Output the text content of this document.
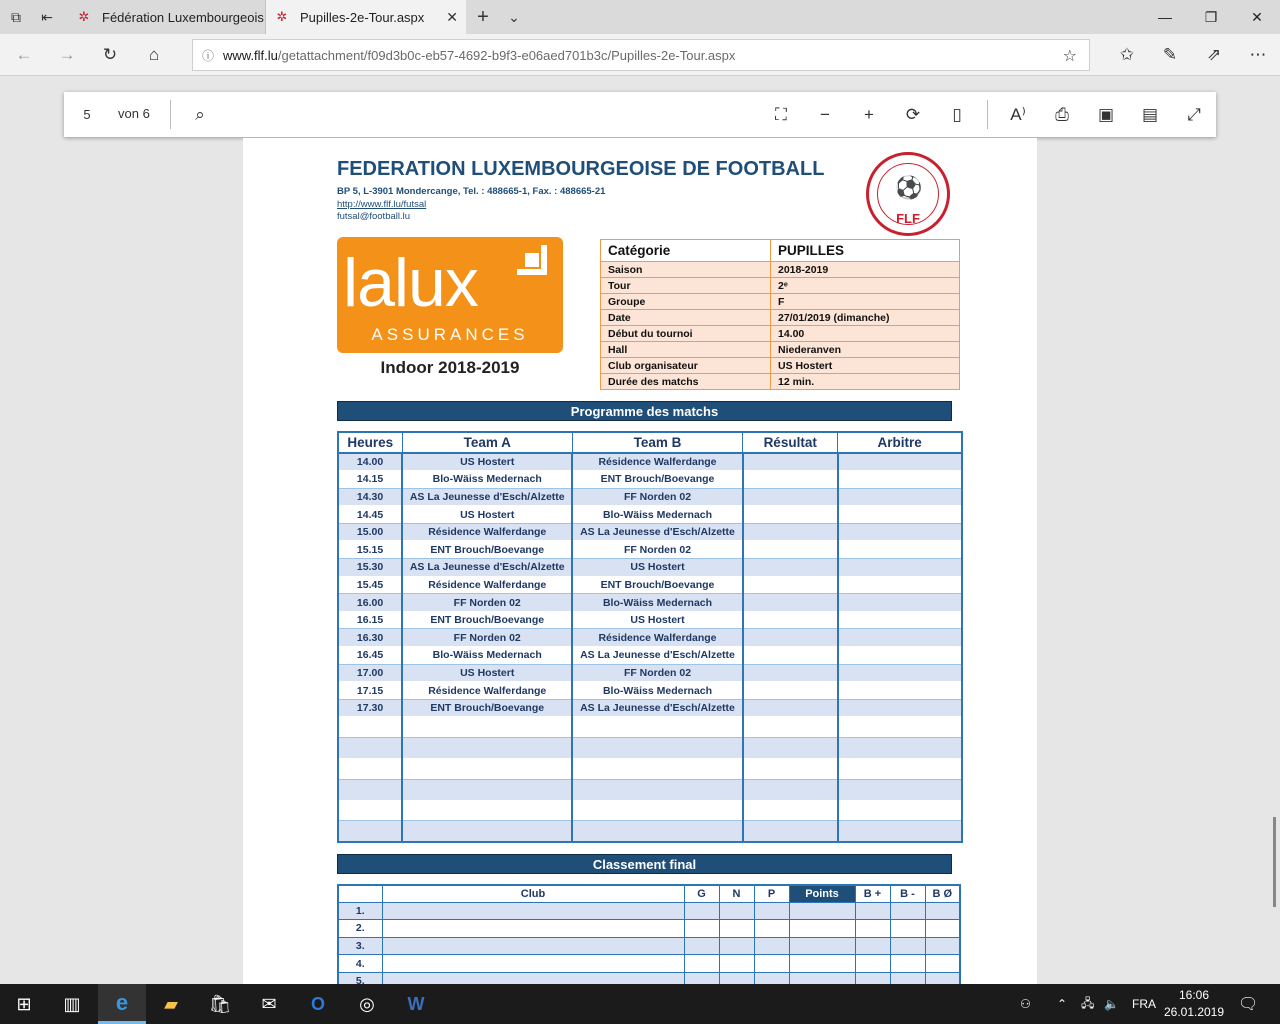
⧉	⇤	✲ Fédération Luxembourgeois ✲ Pupilles-2e-Tour.aspx ✕ +	⌄	—	❐	✕
← → ↻	⌂	ⓘ www.flf.lu /getattachment/f09d3b0c-eb57-4692-b9f3-e06aed701b3c/Pupilles-2e-Tour.aspx	☆	✩ ✎ ⇗ ⋯
5	von 6	⌕	⛶	−	+	⟳	▯	A⁾	⎙	▣ ▤	⤢
FEDERATION LUXEMBOURGEOISE DE FOOTBALL
BP 5, L-3901 Mondercange, Tel. : 488665-1, Fax. : 488665-21
http://www.flf.lu/futsal
futsal@football.lu
⚽
FLF
lalux
ASSURANCES
Indoor 2018-2019
Catégorie	PUPILLES
Saison	2018-2019
Tour	2ᵉ
Groupe	F
Date	27/01/2019 (dimanche)
Début du tournoi	14.00
Hall	Niederanven
Club organisateur	US Hostert
Durée des matchs	12 min.
Programme des matchs
Heures	Team A	Team B	Résultat	Arbitre
14.00	US Hostert	Résidence Walferdange		
14.15	Blo-Wäiss Medernach	ENT Brouch/Boevange		
14.30	AS La Jeunesse d'Esch/Alzette	FF Norden 02		
14.45	US Hostert	Blo-Wäiss Medernach		
15.00	Résidence Walferdange	AS La Jeunesse d'Esch/Alzette		
15.15	ENT Brouch/Boevange	FF Norden 02		
15.30	AS La Jeunesse d'Esch/Alzette	US Hostert		
15.45	Résidence Walferdange	ENT Brouch/Boevange		
16.00	FF Norden 02	Blo-Wäiss Medernach		
16.15	ENT Brouch/Boevange	US Hostert		
16.30	FF Norden 02	Résidence Walferdange		
16.45	Blo-Wäiss Medernach	AS La Jeunesse d'Esch/Alzette		
17.00	US Hostert	FF Norden 02		
17.15	Résidence Walferdange	Blo-Wäiss Medernach		
17.30	ENT Brouch/Boevange	AS La Jeunesse d'Esch/Alzette		

Classement final
	Club	G	N	P	Points	B +	B -	B Ø
1.								
2.								
3.								
4.								
5.								
⊞	▥	e	▰	🛍	✉	O	◎	W	⚇ ⌃ 🖧 🔈 FRA
16:06
26.01.2019 🗨
